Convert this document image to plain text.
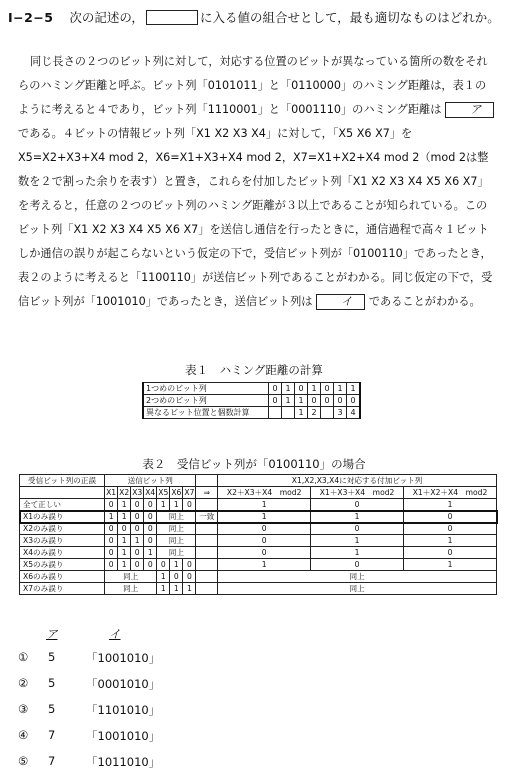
I−2−5 次の記述の，	に入る値の組合せとして，最も適切なものはどれか。
同じ長さの２つのビット列に対して，対応する位置のビットが異なっている箇所の数をそれらのハミング距離と呼ぶ。ビット列「0101011」と「0110000」のハミング距離は，表１のように考えると４であり，ビット列「1110001」と「0001110」のハミング距離は	ア である。４ビットの情報ビット列「X1 X2 X3 X4」に対して，「X5 X6 X7」を X5=X2+X3+X4 mod 2，X6=X1+X3+X4 mod 2，X7=X1+X2+X4 mod 2（mod 2は整数を２で割った余りを表す）と置き，これらを付加したビット列「X1 X2 X3 X4 X5 X6 X7」を考えると，任意の２つのビット列のハミング距離が３以上であることが知られている。このビット列「X1 X2 X3 X4 X5 X6 X7」を送信し通信を行ったときに，通信過程で高々１ビットしか通信の誤りが起こらないという仮定の下で，受信ビット列が「0100110」であったとき，表２のように考えると「1100110」が送信ビット列であることがわかる。同じ仮定の下で，受信ビット列が「1001010」であったとき，送信ビット列は	イ であることがわかる。
表１　ハミング距離の計算
1つめのビット列	0	1	0	1	0	1	1
2つめのビット列	0	1	1	0	0	0	0
異なるビット位置と個数計算			1	2		3	4
表２　受信ビット列が「0100110」の場合
受信ビット列の正誤	送信ビット列								X1,X2,X3,X4に対応する付加ビット列		
	X1	X2	X3	X4	X5	X6	X7	⇒	X2＋X3＋X4　mod2	X1＋X3＋X4　mod2	X1＋X2＋X4　mod2
全て正しい	0	1	0	0	1	1	0		1	0	1
X1のみ誤り	1	1	0	0	同上			一致	1	1	0
X2のみ誤り	0	0	0	0	同上				0	0	0
X3のみ誤り	0	1	1	0	同上				0	1	1
X4のみ誤り	0	1	0	1	同上				0	1	0
X5のみ誤り	0	1	0	0	0	1	0		1	0	1
X6のみ誤り	同上				1	0	0		同上		
X7のみ誤り	同上				1	1	1		同上		
ア	イ
① 5	「1001010」
② 5	「0001010」
③ 5	「1101010」
④ 7	「1001010」
⑤ 7	「1011010」
